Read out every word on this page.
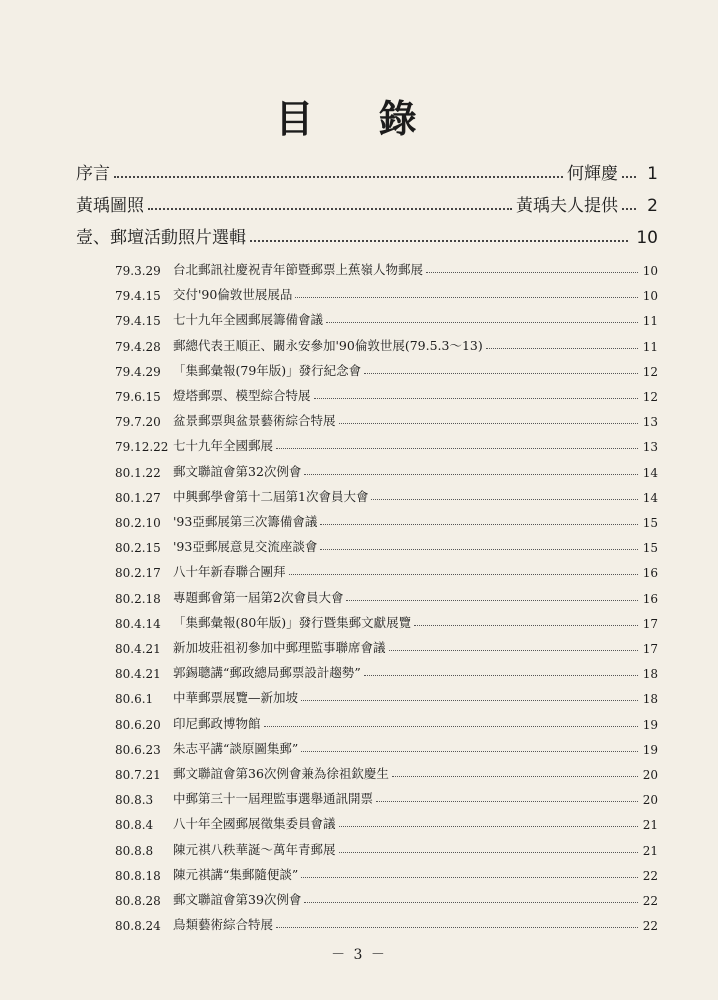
目 錄
序言	何輝慶 1
黃瑀圖照	黃瑀夫人提供 2
壹、郵壇活動照片選輯	10
79.3.29 台北郵訊社慶祝青年節暨郵票上蕉嶺人物郵展	10
79.4.15 交付'90倫敦世展展品	10
79.4.15 七十九年全國郵展籌備會議	11
79.4.28 郵總代表王順正、闞永安參加'90倫敦世展(79.5.3～13)	11
79.4.29 「集郵彙報(79年版)」發行紀念會	12
79.6.15 燈塔郵票、模型綜合特展	12
79.7.20 盆景郵票與盆景藝術綜合特展	13
79.12.22 七十九年全國郵展	13
80.1.22 郵文聯誼會第32次例會	14
80.1.27 中興郵學會第十二屆第1次會員大會	14
80.2.10 '93亞郵展第三次籌備會議	15
80.2.15 '93亞郵展意見交流座談會	15
80.2.17 八十年新春聯合團拜	16
80.2.18 專題郵會第一屆第2次會員大會	16
80.4.14 「集郵彙報(80年版)」發行暨集郵文獻展覽	17
80.4.21 新加坡莊祖初參加中郵理監事聯席會議	17
80.4.21 郭錫聰講“郵政總局郵票設計趨勢”	18
80.6.1	中華郵票展覽—新加坡	18
80.6.20 印尼郵政博物館	19
80.6.23 朱志平講“談原圖集郵”	19
80.7.21 郵文聯誼會第36次例會兼為徐祖欽慶生	20
80.8.3	中郵第三十一屆理監事選舉通訊開票	20
80.8.4	八十年全國郵展徵集委員會議	21
80.8.8	陳元祺八秩華誕～萬年青郵展	21
80.8.18 陳元祺講“集郵隨便談”	22
80.8.28 郵文聯誼會第39次例會	22
80.8.24 鳥類藝術綜合特展	22
－ 3 －
